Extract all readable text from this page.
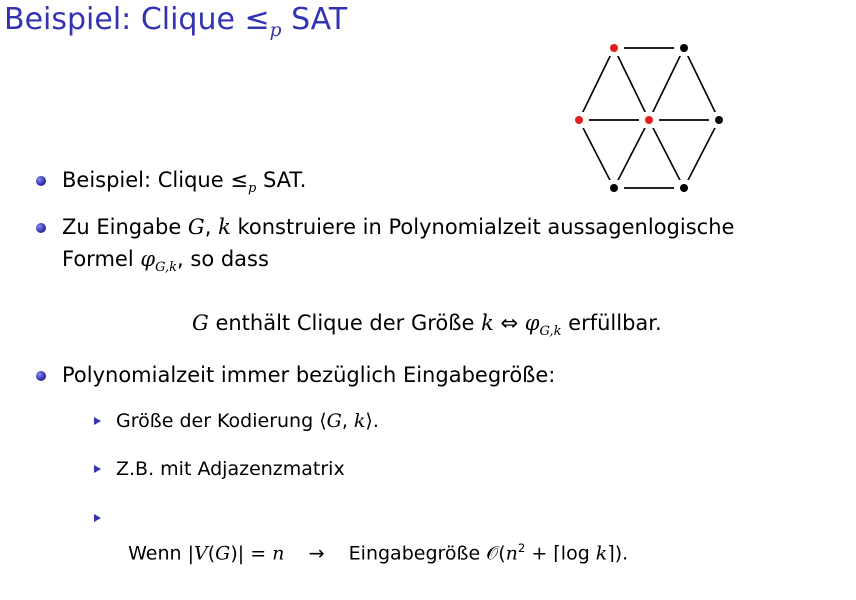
Beispiel: Clique $\le_p$ SAT
Beispiel: Clique $\le_p$ SAT.
Zu Eingabe G, k konstruiere in Polynomialzeit aussagenlogische
Formel $\varphi_{G,k}$, so dass
G enthält Clique der Größe k ⇔ $\varphi_{G,k}$ erfüllbar.
Polynomialzeit immer bezüglich Eingabegröße:
Größe der Kodierung ⟨G, k⟩.
Z.B. mit Adjazenzmatrix

Wenn |V(G)| = n    →    Eingabegröße $𝒪(n^2$ + ⌈log k⌉).
